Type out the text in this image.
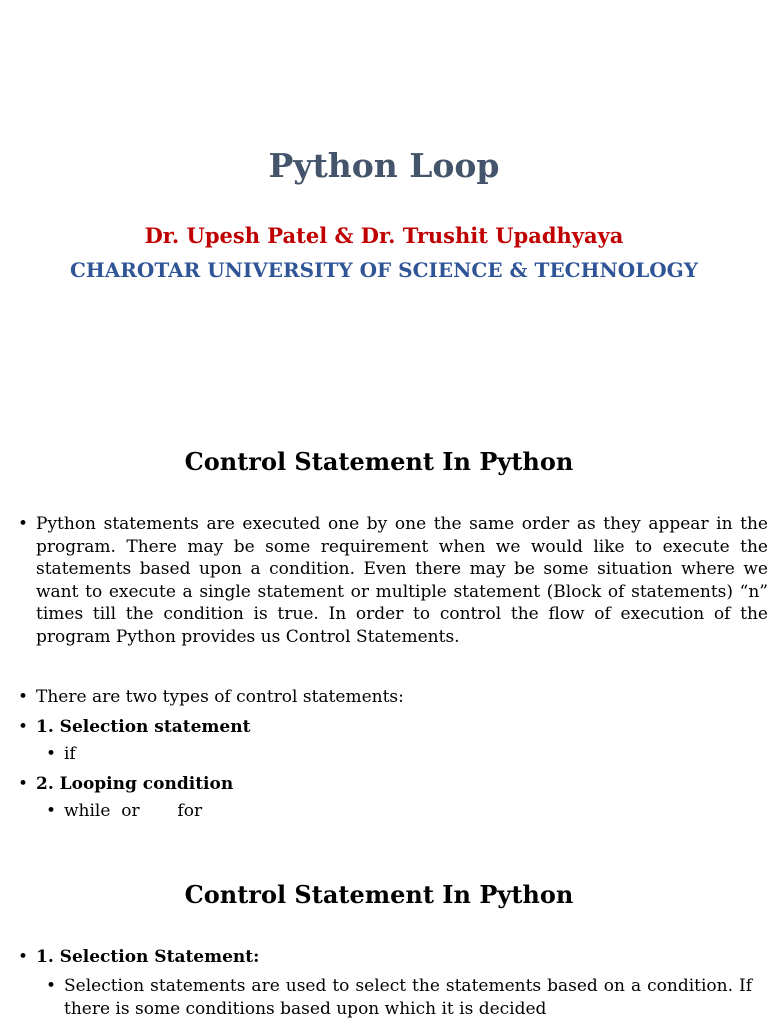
Python Loop
Dr. Upesh Patel & Dr. Trushit Upadhyaya
CHAROTAR UNIVERSITY OF SCIENCE & TECHNOLOGY
Control Statement In Python
• Python statements are executed one by one the same order as they appear in the program. There may be some requirement when we would like to execute the statements based upon a condition. Even there may be some situation where we want to execute a single statement or multiple statement (Block of statements) “n” times till the condition is true. In order to control the flow of execution of the program Python provides us Control Statements.
• There are two types of control statements:
• 1. Selection statement
• if
• 2. Looping condition
• while  or       for
Control Statement In Python
• 1. Selection Statement:
• Selection statements are used to select the statements based on a condition. If there is some conditions based upon which it is decided
